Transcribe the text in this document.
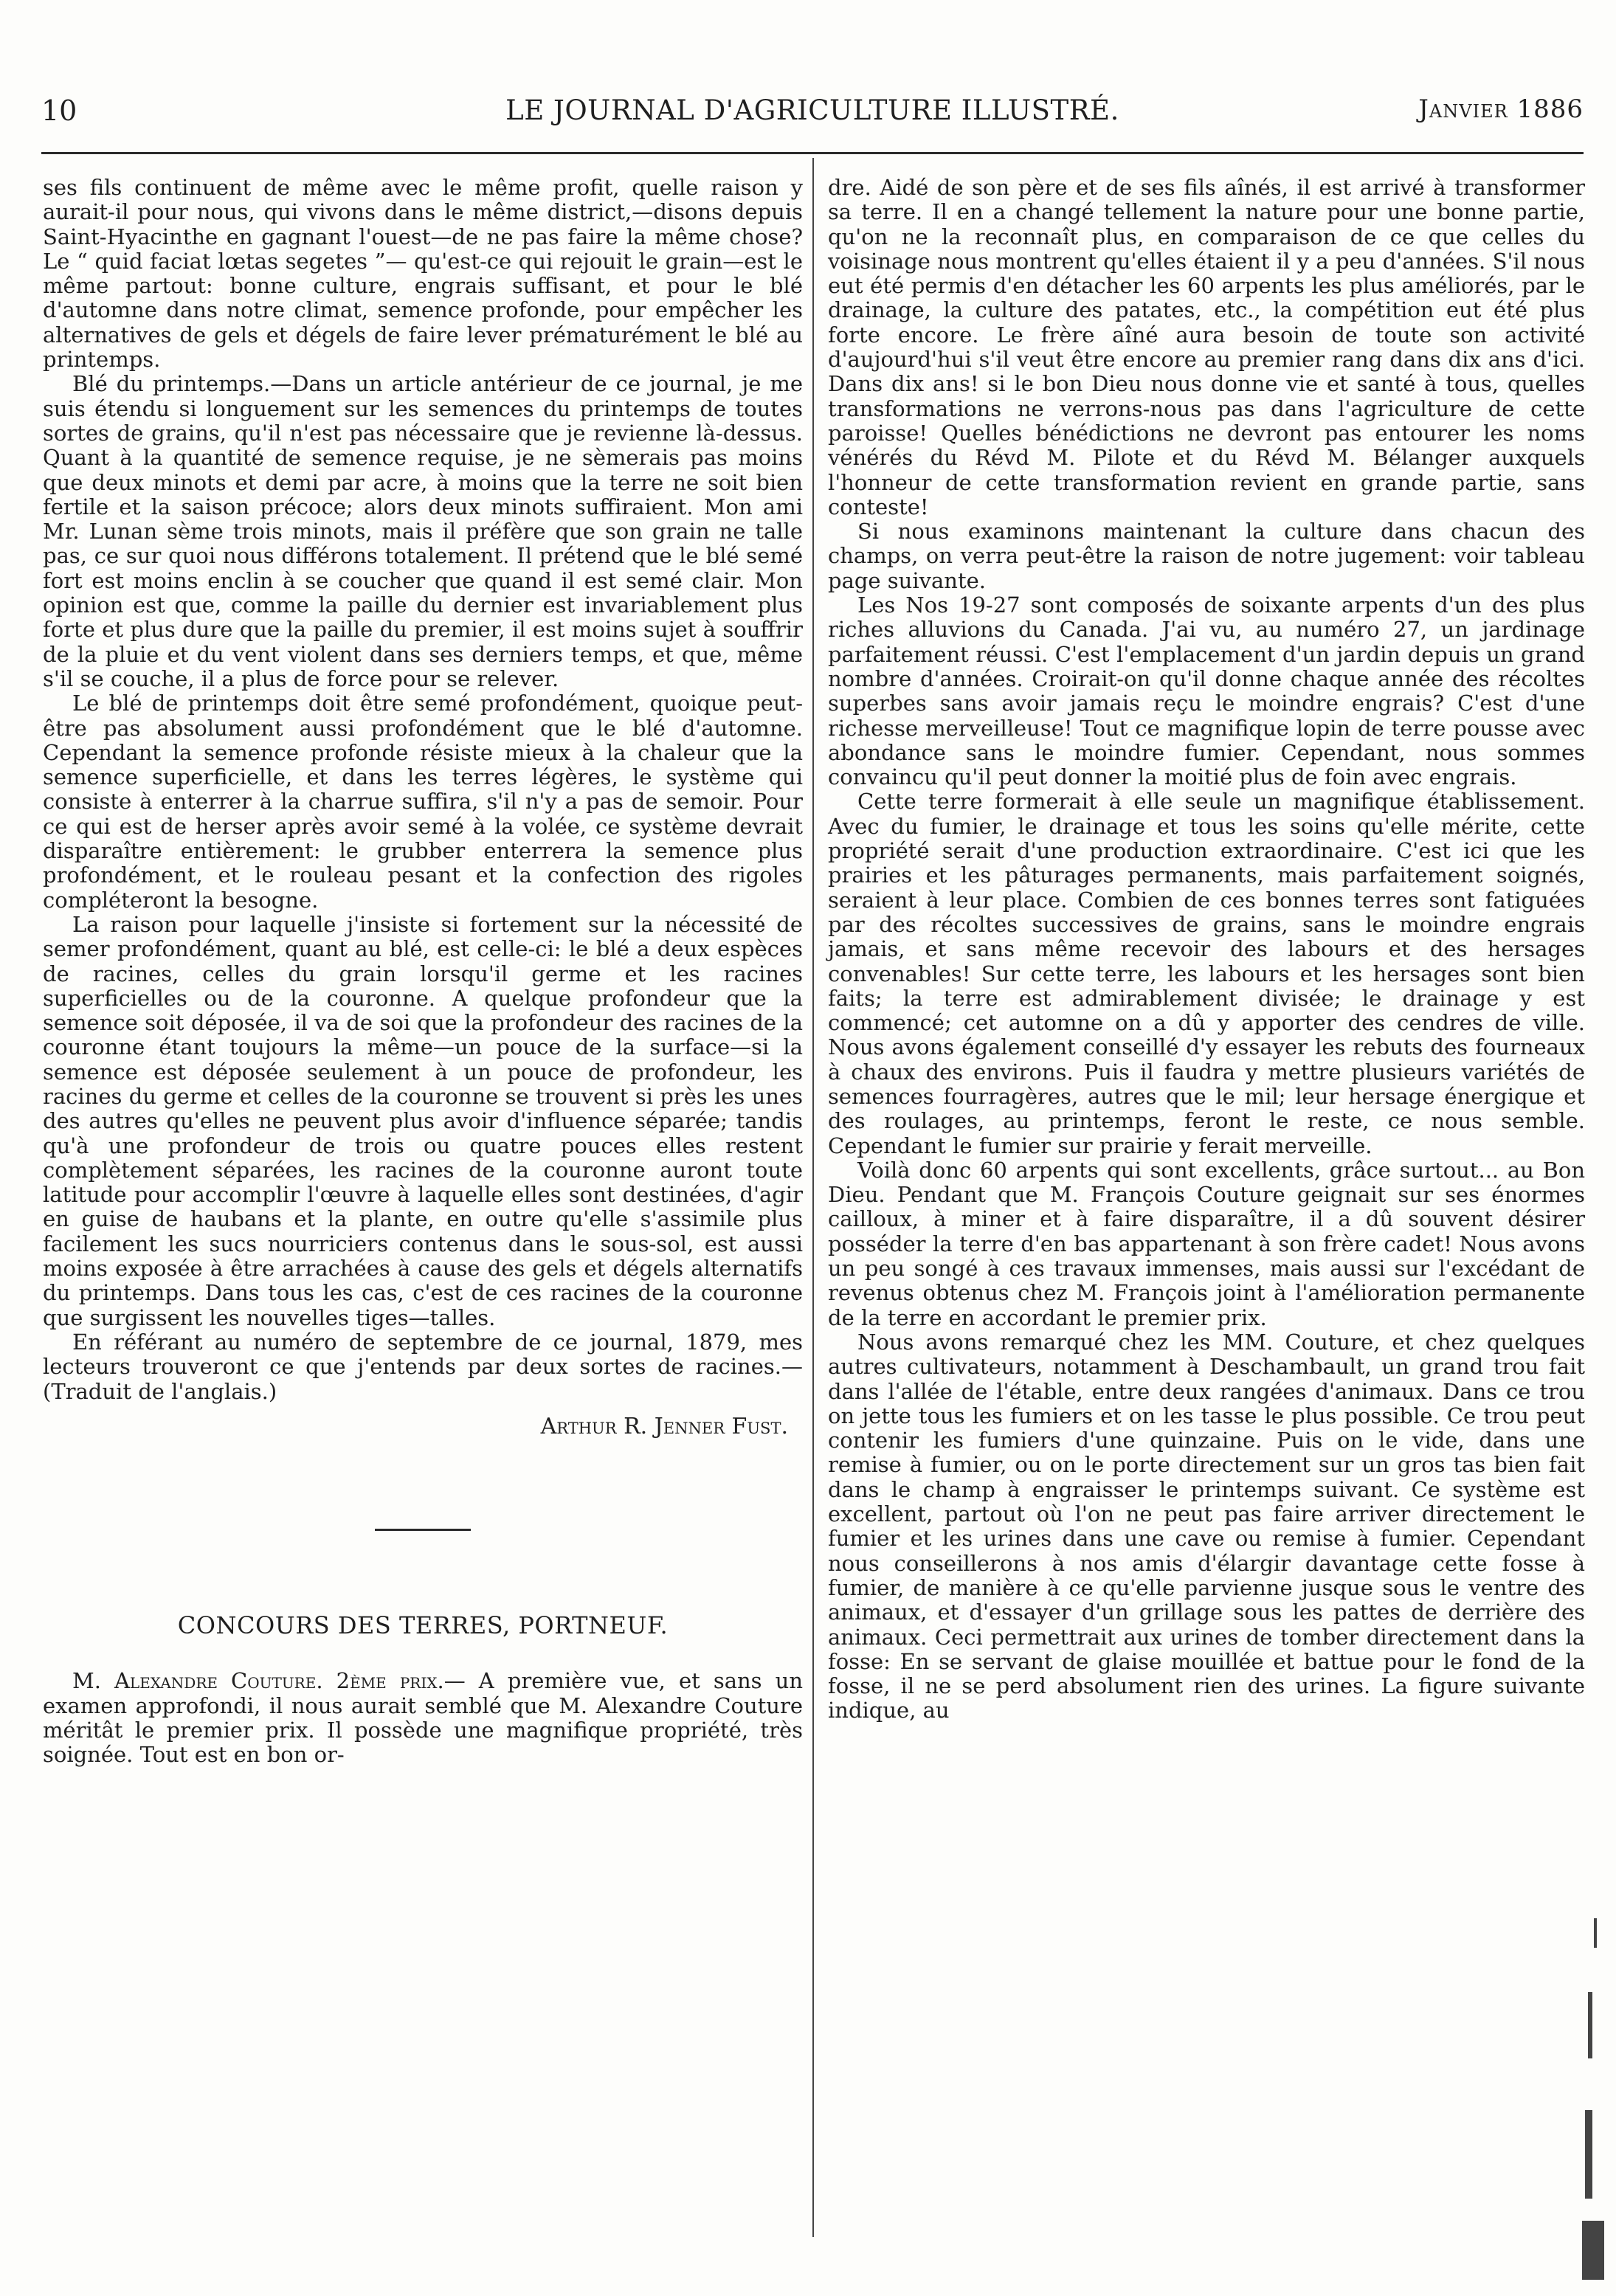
10	LE JOURNAL D'AGRICULTURE ILLUSTRÉ.	Janvier 1886

ses fils continuent de même avec le même profit, quelle raison y aurait-il pour nous, qui vivons dans le même district,—disons depuis Saint-Hyacinthe en gagnant l'ouest—de ne pas faire la même chose? Le “ quid faciat lœtas segetes ”— qu'est-ce qui rejouit le grain—est le même partout: bonne culture, engrais suffisant, et pour le blé d'automne dans notre climat, semence profonde, pour empêcher les alternatives de gels et dégels de faire lever prématurément le blé au printemps.

Blé du printemps.—Dans un article antérieur de ce journal, je me suis étendu si longuement sur les semences du printemps de toutes sortes de grains, qu'il n'est pas nécessaire que je revienne là-dessus. Quant à la quantité de semence requise, je ne sèmerais pas moins que deux minots et demi par acre, à moins que la terre ne soit bien fertile et la saison précoce; alors deux minots suffiraient. Mon ami Mr. Lunan sème trois minots, mais il préfère que son grain ne talle pas, ce sur quoi nous différons totalement. Il prétend que le blé semé fort est moins enclin à se coucher que quand il est semé clair. Mon opinion est que, comme la paille du dernier est invariablement plus forte et plus dure que la paille du premier, il est moins sujet à souffrir de la pluie et du vent violent dans ses derniers temps, et que, même s'il se couche, il a plus de force pour se relever.

Le blé de printemps doit être semé profondément, quoique peut-être pas absolument aussi profondément que le blé d'automne. Cependant la semence profonde résiste mieux à la chaleur que la semence superficielle, et dans les terres légères, le système qui consiste à enterrer à la charrue suffira, s'il n'y a pas de semoir. Pour ce qui est de herser après avoir semé à la volée, ce système devrait disparaître entièrement: le grubber enterrera la semence plus profondément, et le rouleau pesant et la confection des rigoles compléteront la besogne.

La raison pour laquelle j'insiste si fortement sur la nécessité de semer profondément, quant au blé, est celle-ci: le blé a deux espèces de racines, celles du grain lorsqu'il germe et les racines superficielles ou de la couronne. A quelque profondeur que la semence soit déposée, il va de soi que la profondeur des racines de la couronne étant toujours la même—un pouce de la surface—si la semence est déposée seulement à un pouce de profondeur, les racines du germe et celles de la couronne se trouvent si près les unes des autres qu'elles ne peuvent plus avoir d'influence séparée; tandis qu'à une profondeur de trois ou quatre pouces elles restent complètement séparées, les racines de la couronne auront toute latitude pour accomplir l'œuvre à laquelle elles sont destinées, d'agir en guise de haubans et la plante, en outre qu'elle s'assimile plus facilement les sucs nourriciers contenus dans le sous-sol, est aussi moins exposée à être arrachées à cause des gels et dégels alternatifs du printemps. Dans tous les cas, c'est de ces racines de la couronne que surgissent les nouvelles tiges—talles.

En référant au numéro de septembre de ce journal, 1879, mes lecteurs trouveront ce que j'entends par deux sortes de racines.—(Traduit de l'anglais.)

Arthur R. Jenner Fust.
CONCOURS DES TERRES, PORTNEUF.

M. Alexandre Couture. 2ème prix.— A première vue, et sans un examen approfondi, il nous aurait semblé que M. Alexandre Couture méritât le premier prix. Il possède une magnifique propriété, très soignée. Tout est en bon or-

dre. Aidé de son père et de ses fils aînés, il est arrivé à transformer sa terre. Il en a changé tellement la nature pour une bonne partie, qu'on ne la reconnaît plus, en comparaison de ce que celles du voisinage nous montrent qu'elles étaient il y a peu d'années. S'il nous eut été permis d'en détacher les 60 arpents les plus améliorés, par le drainage, la culture des patates, etc., la compétition eut été plus forte encore. Le frère aîné aura besoin de toute son activité d'aujourd'hui s'il veut être encore au premier rang dans dix ans d'ici. Dans dix ans! si le bon Dieu nous donne vie et santé à tous, quelles transformations ne verrons-nous pas dans l'agriculture de cette paroisse! Quelles bénédictions ne devront pas entourer les noms vénérés du Révd M. Pilote et du Révd M. Bélanger auxquels l'honneur de cette transformation revient en grande partie, sans conteste!

Si nous examinons maintenant la culture dans chacun des champs, on verra peut-être la raison de notre jugement: voir tableau page suivante.

Les Nos 19-27 sont composés de soixante arpents d'un des plus riches alluvions du Canada. J'ai vu, au numéro 27, un jardinage parfaitement réussi. C'est l'emplacement d'un jardin depuis un grand nombre d'années. Croirait-on qu'il donne chaque année des récoltes superbes sans avoir jamais reçu le moindre engrais? C'est d'une richesse merveilleuse! Tout ce magnifique lopin de terre pousse avec abondance sans le moindre fumier. Cependant, nous sommes convaincu qu'il peut donner la moitié plus de foin avec engrais.

Cette terre formerait à elle seule un magnifique établissement. Avec du fumier, le drainage et tous les soins qu'elle mérite, cette propriété serait d'une production extraordinaire. C'est ici que les prairies et les pâturages permanents, mais parfaitement soignés, seraient à leur place. Combien de ces bonnes terres sont fatiguées par des récoltes successives de grains, sans le moindre engrais jamais, et sans même recevoir des labours et des hersages convenables! Sur cette terre, les labours et les hersages sont bien faits; la terre est admirablement divisée; le drainage y est commencé; cet automne on a dû y apporter des cendres de ville. Nous avons également conseillé d'y essayer les rebuts des fourneaux à chaux des environs. Puis il faudra y mettre plusieurs variétés de semences fourragères, autres que le mil; leur hersage énergique et des roulages, au printemps, feront le reste, ce nous semble. Cependant le fumier sur prairie y ferait merveille.

Voilà donc 60 arpents qui sont excellents, grâce surtout... au Bon Dieu. Pendant que M. François Couture geignait sur ses énormes cailloux, à miner et à faire disparaître, il a dû souvent désirer posséder la terre d'en bas appartenant à son frère cadet! Nous avons un peu songé à ces travaux immenses, mais aussi sur l'excédant de revenus obtenus chez M. François joint à l'amélioration permanente de la terre en accordant le premier prix.

Nous avons remarqué chez les MM. Couture, et chez quelques autres cultivateurs, notamment à Deschambault, un grand trou fait dans l'allée de l'étable, entre deux rangées d'animaux. Dans ce trou on jette tous les fumiers et on les tasse le plus possible. Ce trou peut contenir les fumiers d'une quinzaine. Puis on le vide, dans une remise à fumier, ou on le porte directement sur un gros tas bien fait dans le champ à engraisser le printemps suivant. Ce système est excellent, partout où l'on ne peut pas faire arriver directement le fumier et les urines dans une cave ou remise à fumier. Cependant nous conseillerons à nos amis d'élargir davantage cette fosse à fumier, de manière à ce qu'elle parvienne jusque sous le ventre des animaux, et d'essayer d'un grillage sous les pattes de derrière des animaux. Ceci permettrait aux urines de tomber directement dans la fosse: En se servant de glaise mouillée et battue pour le fond de la fosse, il ne se perd absolument rien des urines. La figure suivante indique, au
